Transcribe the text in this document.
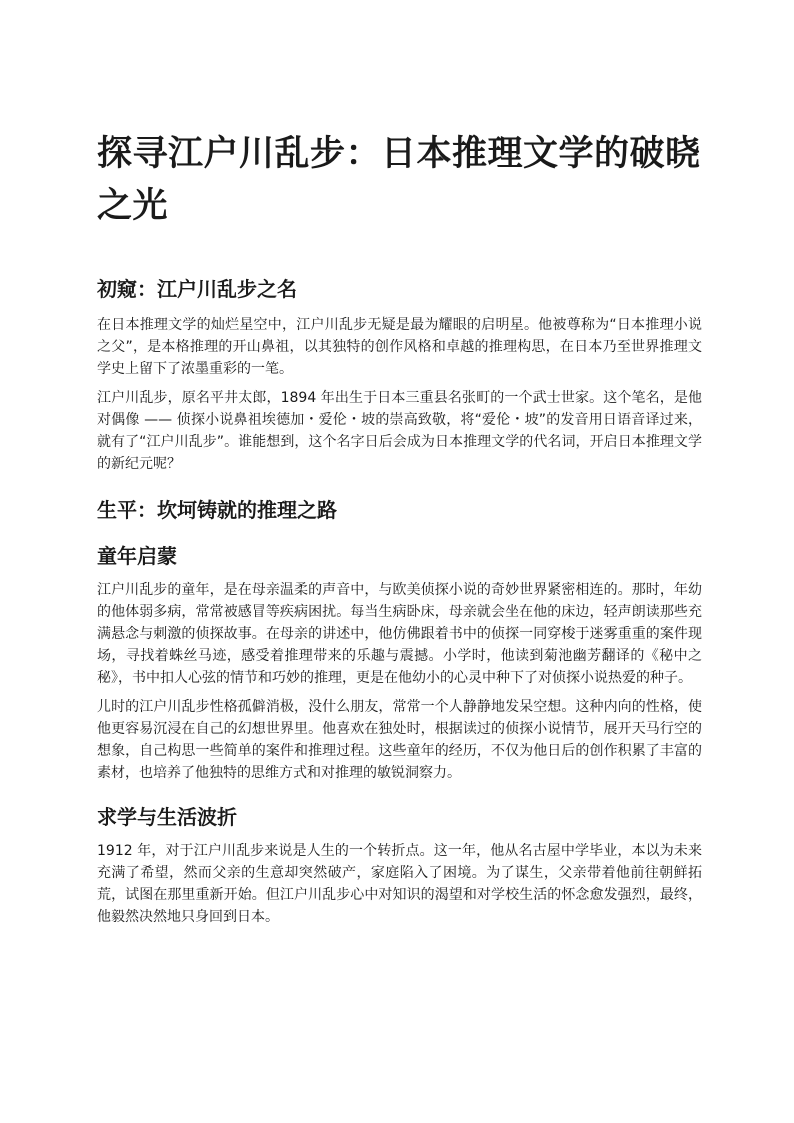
探寻江户川乱步：日本推理文学的破晓之光
初窥：江户川乱步之名

在日本推理文学的灿烂星空中，江户川乱步无疑是最为耀眼的启明星。他被尊称为“日本推理小说之父”，是本格推理的开山鼻祖，以其独特的创作风格和卓越的推理构思，在日本乃至世界推理文学史上留下了浓墨重彩的一笔。

江户川乱步，原名平井太郎，1894 年出生于日本三重县名张町的一个武士世家。这个笔名，是他对偶像 —— 侦探小说鼻祖埃德加・爱伦・坡的崇高致敬，将“爱伦・坡”的发音用日语音译过来，就有了“江户川乱步”。谁能想到，这个名字日后会成为日本推理文学的代名词，开启日本推理文学的新纪元呢？

生平：坎坷铸就的推理之路
童年启蒙

江户川乱步的童年，是在母亲温柔的声音中，与欧美侦探小说的奇妙世界紧密相连的。那时，年幼的他体弱多病，常常被感冒等疾病困扰。每当生病卧床，母亲就会坐在他的床边，轻声朗读那些充满悬念与刺激的侦探故事。在母亲的讲述中，他仿佛跟着书中的侦探一同穿梭于迷雾重重的案件现场，寻找着蛛丝马迹，感受着推理带来的乐趣与震撼。小学时，他读到菊池幽芳翻译的《秘中之秘》，书中扣人心弦的情节和巧妙的推理，更是在他幼小的心灵中种下了对侦探小说热爱的种子。

儿时的江户川乱步性格孤僻消极，没什么朋友，常常一个人静静地发呆空想。这种内向的性格，使他更容易沉浸在自己的幻想世界里。他喜欢在独处时，根据读过的侦探小说情节，展开天马行空的想象，自己构思一些简单的案件和推理过程。这些童年的经历，不仅为他日后的创作积累了丰富的素材，也培养了他独特的思维方式和对推理的敏锐洞察力。

求学与生活波折

1912 年，对于江户川乱步来说是人生的一个转折点。这一年，他从名古屋中学毕业，本以为未来充满了希望，然而父亲的生意却突然破产，家庭陷入了困境。为了谋生，父亲带着他前往朝鲜拓荒，试图在那里重新开始。但江户川乱步心中对知识的渴望和对学校生活的怀念愈发强烈，最终，他毅然决然地只身回到日本。
